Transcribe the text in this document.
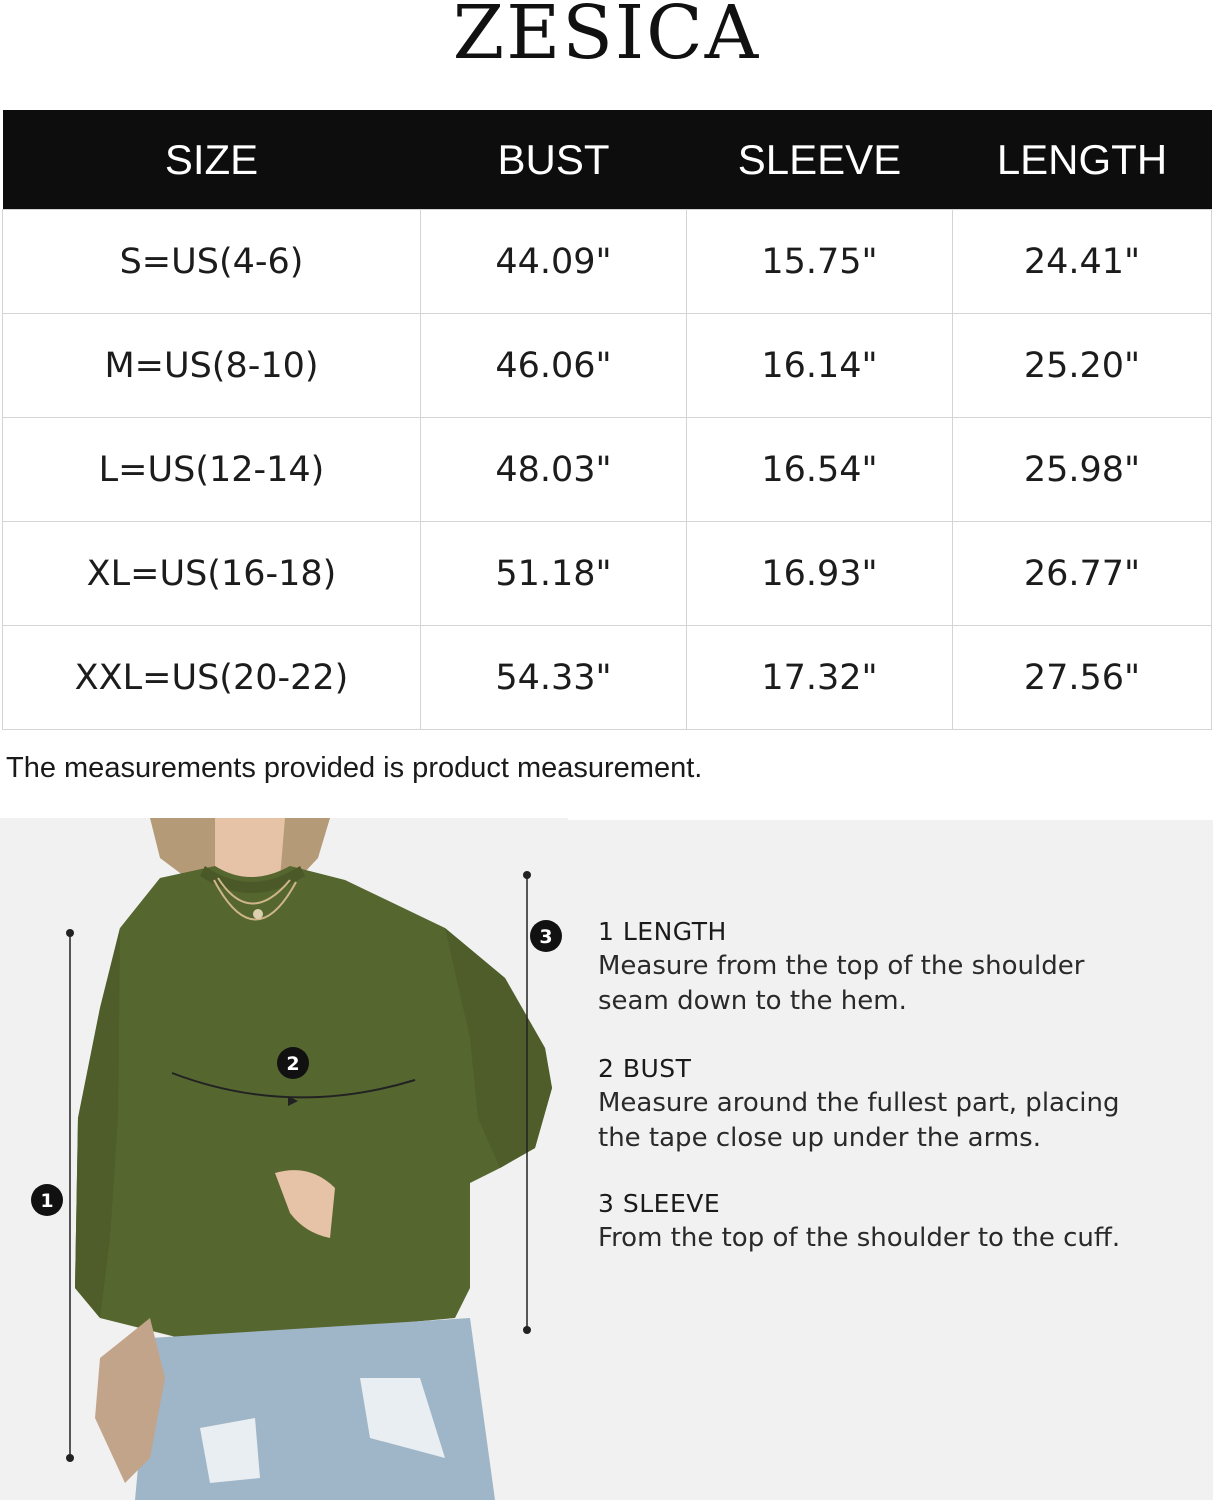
ZESICA
SIZE	BUST	SLEEVE	LENGTH
S=US(4-6)	44.09"	15.75"	24.41"
M=US(8-10)	46.06"	16.14"	25.20"
L=US(12-14)	48.03"	16.54"	25.98"
XL=US(16-18)	51.18"	16.93"	26.77"
XXL=US(20-22)	54.33"	17.32"	27.56"
The measurements provided is product measurement.
1
2
3 1 LENGTH
Measure from the top of the shoulder
seam down to the hem.
2 BUST
Measure around the fullest part, placing
the tape close up under the arms.
3 SLEEVE
From the top of the shoulder to the cuff.
